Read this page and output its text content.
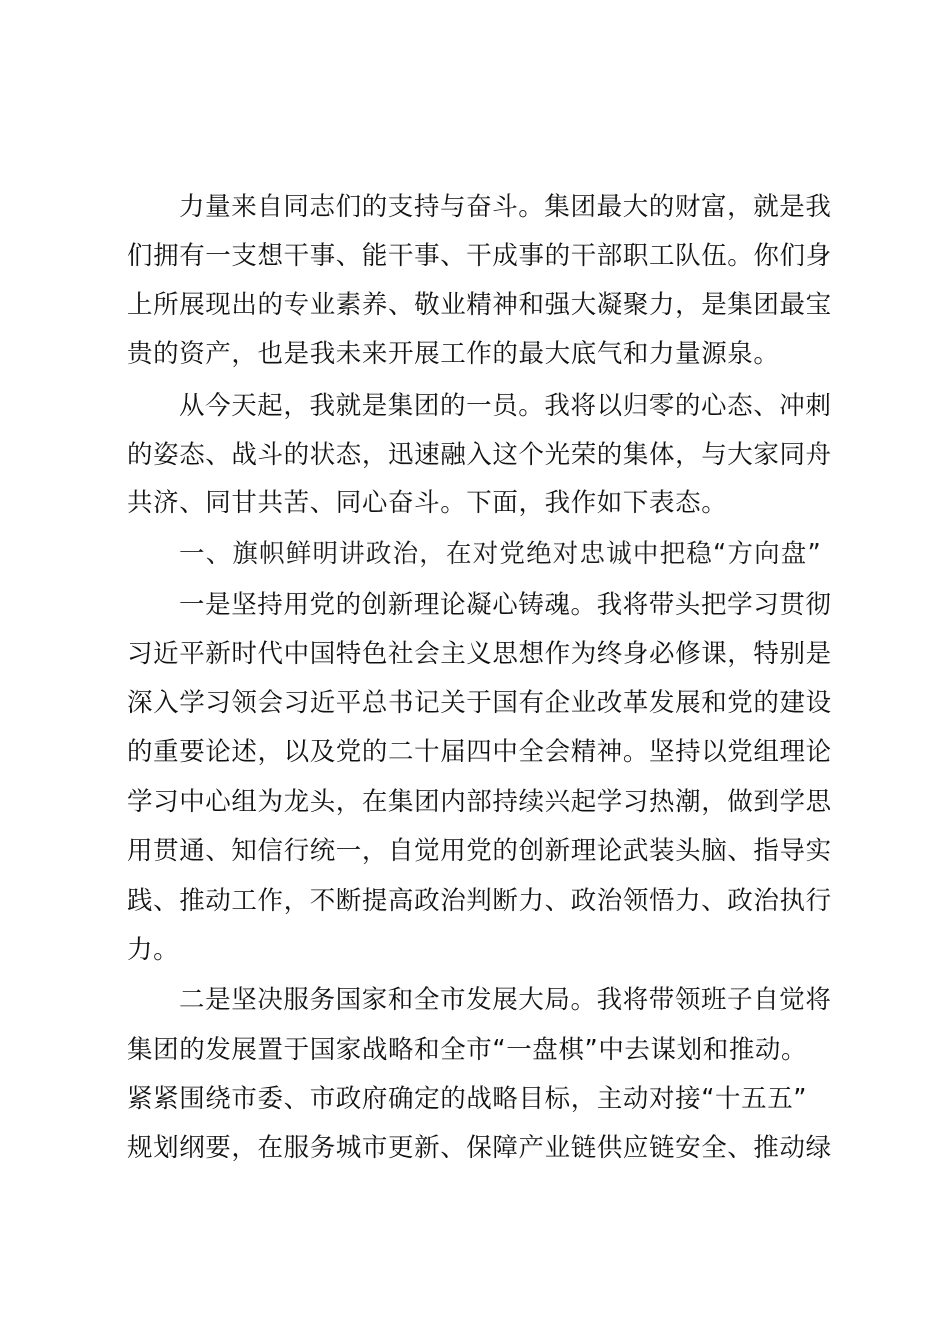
力量来自同志们的支持与奋斗。集团最大的财富，就是我
们拥有一支想干事、能干事、干成事的干部职工队伍。你们身
上所展现出的专业素养、敬业精神和强大凝聚力，是集团最宝
贵的资产，也是我未来开展工作的最大底气和力量源泉。
从今天起，我就是集团的一员。我将以归零的心态、冲刺
的姿态、战斗的状态，迅速融入这个光荣的集体，与大家同舟
共济、同甘共苦、同心奋斗。下面，我作如下表态。
一、旗帜鲜明讲政治，在对党绝对忠诚中把稳“方向盘”
一是坚持用党的创新理论凝心铸魂。我将带头把学习贯彻
习近平新时代中国特色社会主义思想作为终身必修课，特别是
深入学习领会习近平总书记关于国有企业改革发展和党的建设
的重要论述，以及党的二十届四中全会精神。坚持以党组理论
学习中心组为龙头，在集团内部持续兴起学习热潮，做到学思
用贯通、知信行统一，自觉用党的创新理论武装头脑、指导实
践、推动工作，不断提高政治判断力、政治领悟力、政治执行
力。
二是坚决服务国家和全市发展大局。我将带领班子自觉将
集团的发展置于国家战略和全市“一盘棋”中去谋划和推动。
紧紧围绕市委、市政府确定的战略目标，主动对接“十五五”
规划纲要，在服务城市更新、保障产业链供应链安全、推动绿
